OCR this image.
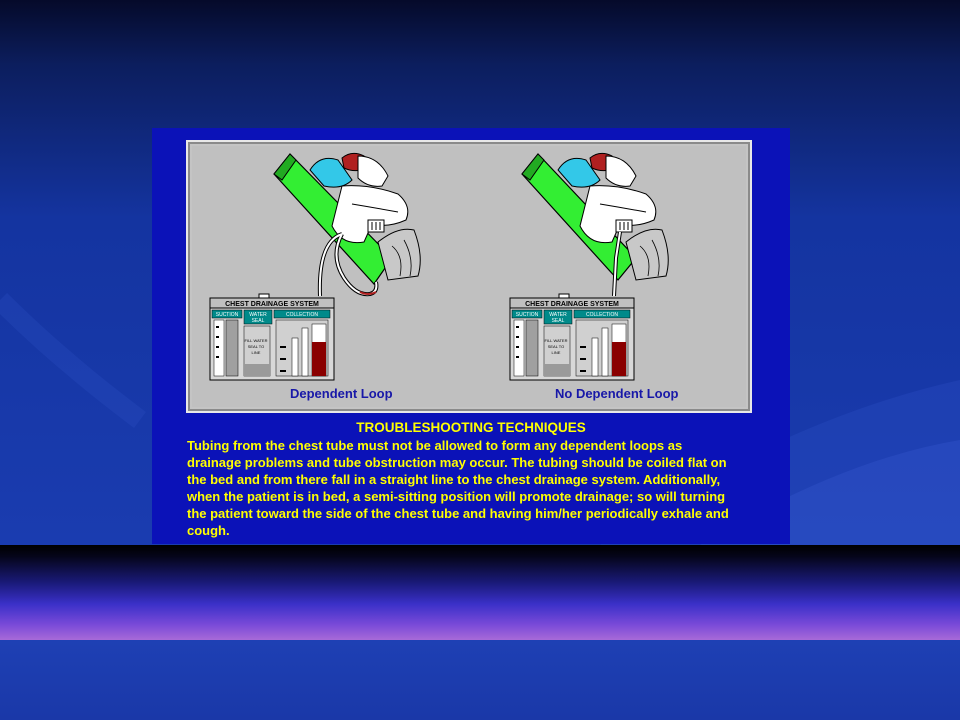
CHEST DRAINAGE SYSTEM
SUCTION WATER
SEAL
COLLECTION
FILL WATER
SEAL TO
LINE
CHEST DRAINAGE SYSTEM
SUCTION WATER
SEAL
COLLECTION
FILL WATER
SEAL TO
LINE
Dependent Loop	No Dependent Loop
TROUBLESHOOTING TECHNIQUES
Tubing from the chest tube must not be allowed to form any dependent loops as
drainage problems and tube obstruction may occur. The tubing should be coiled flat on
the bed and from there fall in a straight line to the chest drainage system. Additionally,
when the patient is in bed, a semi-sitting position will promote drainage; so will turning
the patient toward the side of the chest tube and having him/her periodically exhale and
cough.
